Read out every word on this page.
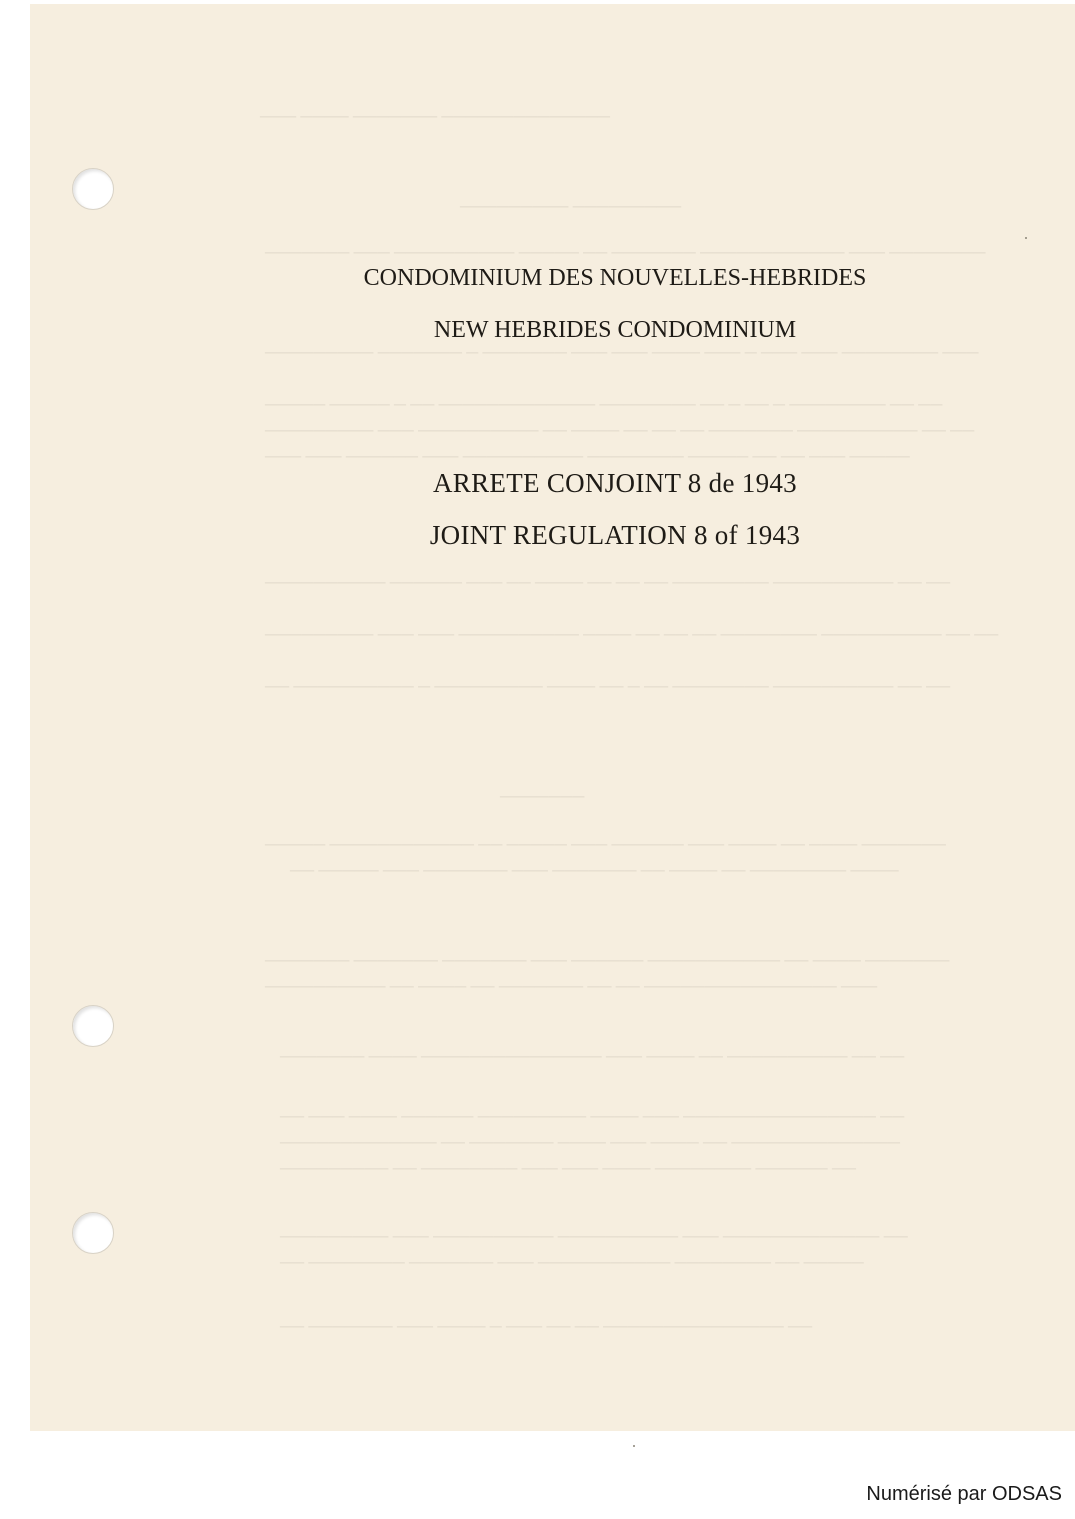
────────────── ─────── ──── ───
───────── ─────────
──────── ─── ──────────── ─────── ── ───── ────────── ─── ───────
─── ──────── ─── ─── ─ ─── ──── ─── ─── ─────── ─ ─────── ─────────
── ── ──────── ─ ── ─ ── ──────── ───────────── ── ─ ───── ─────
── ── ────────── ─────── ── ── ── ──── ── ────────── ─── ─────────
───── ─── ── ── ───── ──────── ────────── ─── ────── ─── ───
── ── ────────── ──────── ── ── ── ──── ── ─── ────── ──────────
── ── ────────── ──────── ── ── ── ──── ────────── ─── ─── ─────────
── ── ────────── ──────── ── ─ ── ──── ───────── ─ ────────── ──
───────
─────── ──── ── ──── ─── ────── ─── ───── ── ──────────── ─────
──── ──────── ── ──── ── ─────── ─── ─────── ─── ───── ──
─────── ──── ── ─────────── ────── ─── ─────── ─────── ───────
─── ──────────────── ── ── ─────── ── ──── ── ──────────
── ── ────────── ── ──── ─── ─────────────── ──── ───────
── ──────────────── ─── ──── ───────── ────── ──── ─── ──
────────────── ── ──── ─── ──── ─────── ── ─────────────
── ────── ──────── ──── ─── ─── ──────── ── ─────────
── ───────────── ─── ────────── ────────── ─── ─────────
───── ── ──────── ─────────── ─── ─────── ──────── ──
── ─────────────── ── ── ─── ─ ──── ─── ─────── ──
CONDOMINIUM DES NOUVELLES-HEBRIDES
NEW HEBRIDES CONDOMINIUM
ARRETE CONJOINT 8 de 1943
JOINT REGULATION 8 of 1943
Numérisé par ODSAS
